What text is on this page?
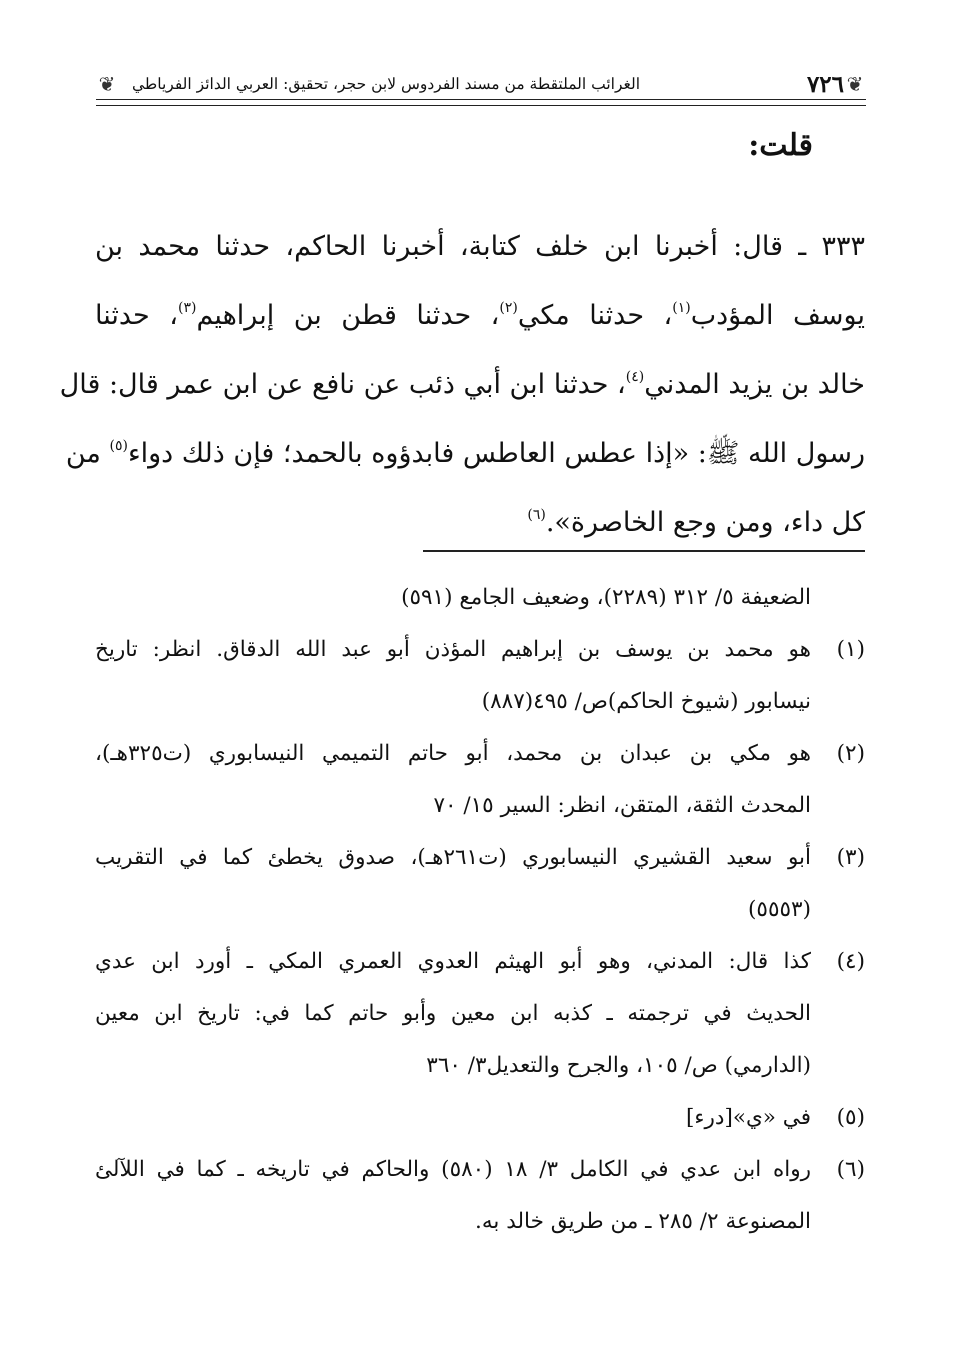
❦
٧٢٦
الغرائب الملتقطة من مسند الفردوس لابن حجر، تحقيق: العربي الدائز الفرياطي
❦
قلت:
٣٣٣ ـ قال: أخبرنا ابن خلف كتابة، أخبرنا الحاكم، حدثنا محمد بن
يوسف المؤدب$^{(١)}$، حدثنا مكي$^{(٢)}$، حدثنا قطن بن إبراهيم$^{(٣)}$، حدثنا
خالد بن يزيد المدني$^{(٤)}$، حدثنا ابن أبي ذئب عن نافع عن ابن عمر قال: قال
رسول الله ﷺ: «إذا عطس العاطس فابدؤوه بالحمد؛ فإن ذلك دواء$^{(٥)}$ من
كل داء، ومن وجع الخاصرة».$^{(٦)}$
الضعيفة ٥/ ٣١٢ (٢٢٨٩)، وضعيف الجامع (٥٩١)
(١)
هو محمد بن يوسف بن إبراهيم المؤذن أبو عبد الله الدقاق. انظر: تاريخ
نيسابور (شيوخ الحاكم)ص/ ٤٩٥(٨٨٧)
(٢)
هو مكي بن عبدان بن محمد، أبو حاتم التميمي النيسابوري (ت٣٢٥هـ)،
المحدث الثقة، المتقن، انظر: السير ١٥/ ٧٠
(٣)
أبو سعيد القشيري النيسابوري (ت٢٦١هـ)، صدوق يخطئ كما في التقريب
(٥٥٥٣)
(٤)
كذا قال: المدني، وهو أبو الهيثم العدوي العمري المكي ـ أورد ابن عدي
الحديث في ترجمته ـ كذبه ابن معين وأبو حاتم كما في: تاريخ ابن معين
(الدارمي) ص/ ١٠٥، والجرح والتعديل٣/ ٣٦٠
(٥)
في «ي»[درء]
(٦)
رواه ابن عدي في الكامل ٣/ ١٨ (٥٨٠) والحاكم في تاريخه ـ كما في اللآلئ
المصنوعة ٢/ ٢٨٥ ـ من طريق خالد به.
